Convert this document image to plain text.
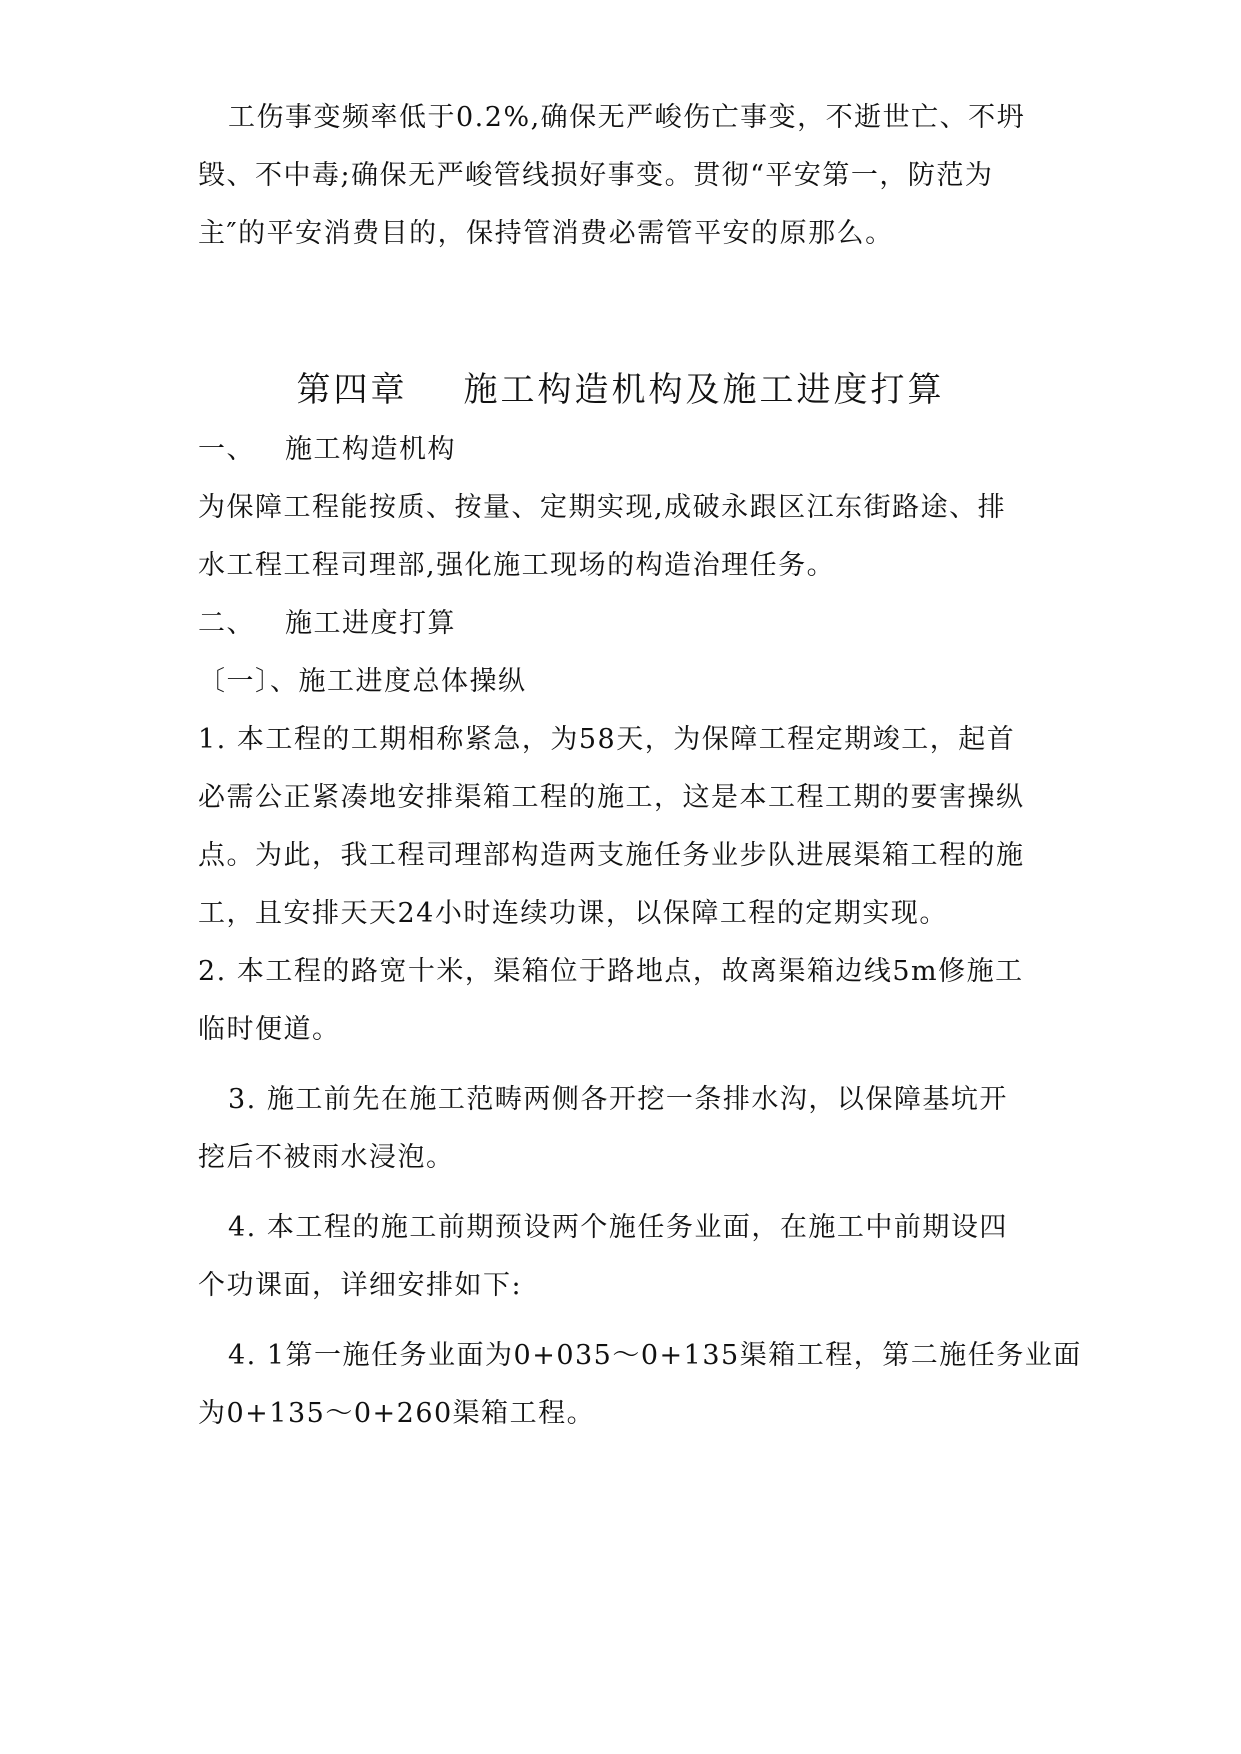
工伤事变频率低于0.2%,确保无严峻伤亡事变，不逝世亡、不坍

毁、不中毒;确保无严峻管线损好事变。贯彻“平安第一，防范为

主″的平安消费目的，保持管消费必需管平安的原那么。

第四章 施工构造机构及施工进度打算

一、 施工构造机构

为保障工程能按质、按量、定期实现,成破永跟区江东街路途、排

水工程工程司理部,强化施工现场的构造治理任务。

二、 施工进度打算

〔一〕、施工进度总体操纵

1. 本工程的工期相称紧急，为58天，为保障工程定期竣工，起首

必需公正紧凑地安排渠箱工程的施工，这是本工程工期的要害操纵

点。为此，我工程司理部构造两支施任务业步队进展渠箱工程的施

工，且安排天天24小时连续功课，以保障工程的定期实现。

2. 本工程的路宽十米，渠箱位于路地点，故离渠箱边线5m修施工

临时便道。

3. 施工前先在施工范畴两侧各开挖一条排水沟，以保障基坑开

挖后不被雨水浸泡。

4. 本工程的施工前期预设两个施任务业面，在施工中前期设四

个功课面，详细安排如下:

4. 1第一施任务业面为0+035～0+135渠箱工程，第二施任务业面

为0+135～0+260渠箱工程。
